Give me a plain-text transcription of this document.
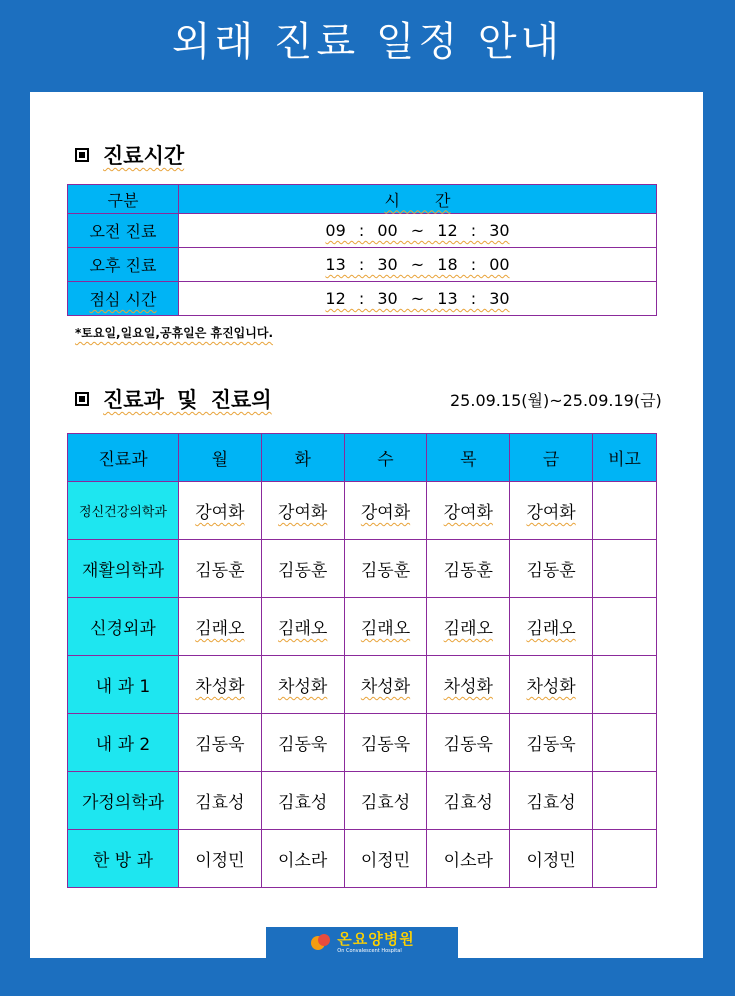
외래 진료 일정 안내
진료시간
구분	시 간
오전 진료	09 : 00 ~ 12 : 30
오후 진료	13 : 30 ~ 18 : 00
점심 시간	12 : 30 ~ 13 : 30
*토요일,일요일,공휴일은 휴진입니다.
진료과 및 진료의	25.09.15(월)~25.09.19(금)
진료과	월	화	수	목	금	비고
정신건강의학과	강여화	강여화	강여화	강여화	강여화	
재활의학과	김동훈	김동훈	김동훈	김동훈	김동훈	
신경외과	김래오	김래오	김래오	김래오	김래오	
내 과 1	차성화	차성화	차성화	차성화	차성화	
내 과 2	김동욱	김동욱	김동욱	김동욱	김동욱	
가정의학과	김효성	김효성	김효성	김효성	김효성	
한 방 과	이정민	이소라	이정민	이소라	이정민	
온요양병원
On Convalescent Hospital
